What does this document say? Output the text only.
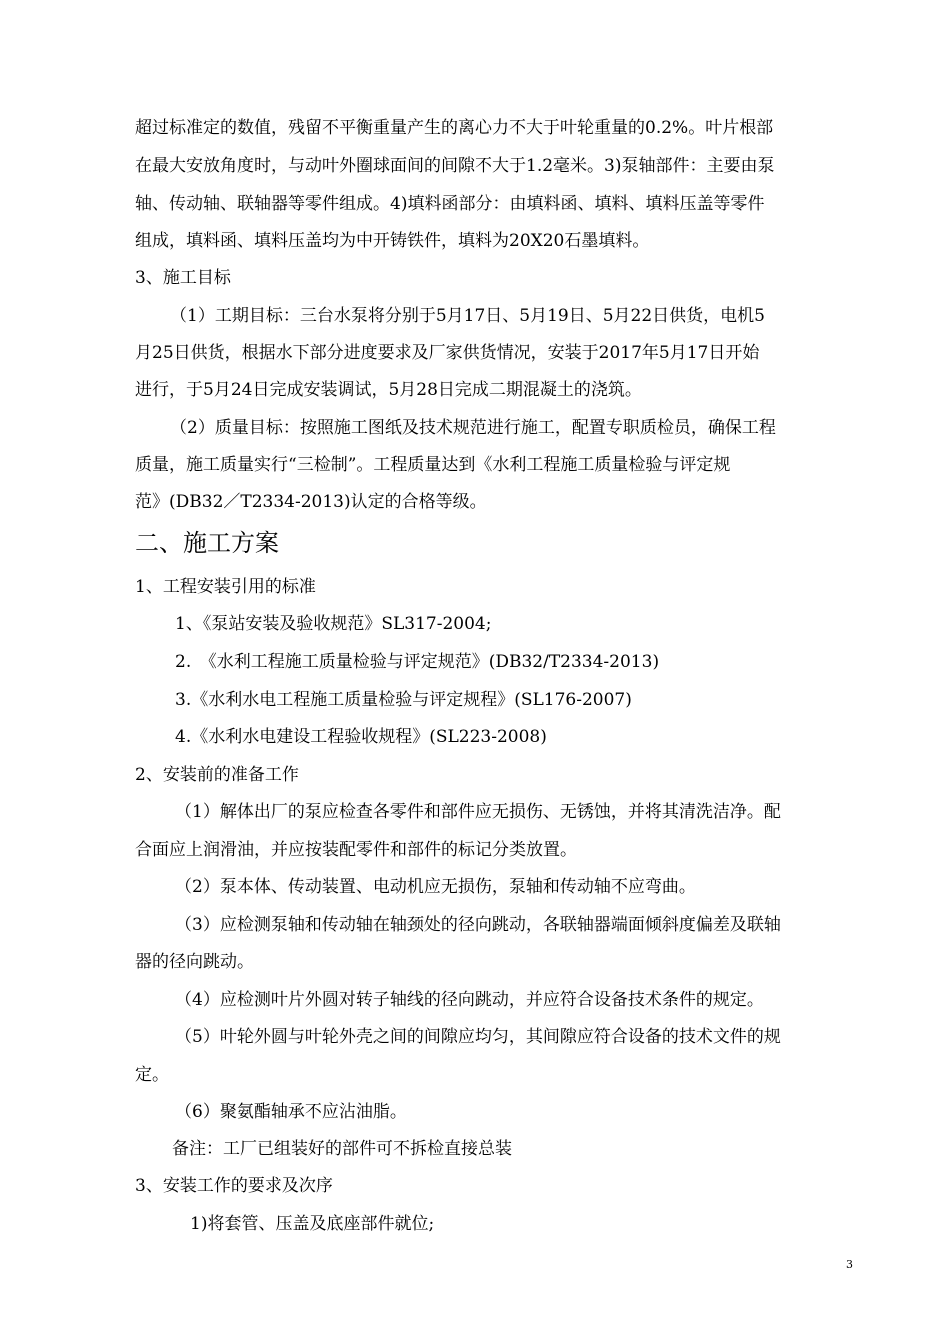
超过标准定的数值，残留不平衡重量产生的离心力不大于叶轮重量的0.2%。叶片根部
在最大安放角度时，与动叶外圈球面间的间隙不大于1.2毫米。3)泵轴部件：主要由泵
轴、传动轴、联轴器等零件组成。4)填料函部分：由填料函、填料、填料压盖等零件
组成，填料函、填料压盖均为中开铸铁件，填料为20X20石墨填料。
3、施工目标
（1）工期目标：三台水泵将分别于5月17日、5月19日、5月22日供货，电机5
月25日供货，根据水下部分进度要求及厂家供货情况，安装于2017年5月17日开始
进行，于5月24日完成安装调试，5月28日完成二期混凝土的浇筑。
（2）质量目标：按照施工图纸及技术规范进行施工，配置专职质检员，确保工程
质量，施工质量实行“三检制”。工程质量达到《水利工程施工质量检验与评定规
范》(DB32／T2334-2013)认定的合格等级。
二、施工方案
1、工程安装引用的标准
1、《泵站安装及验收规范》SL317-2004;
2.　《水利工程施工质量检验与评定规范》(DB32/T2334-2013)
3.《水利水电工程施工质量检验与评定规程》(SL176-2007)
4.《水利水电建设工程验收规程》(SL223-2008)
2、安装前的准备工作
（1）解体出厂的泵应检查各零件和部件应无损伤、无锈蚀，并将其清洗洁净。配
合面应上润滑油，并应按装配零件和部件的标记分类放置。
（2）泵本体、传动装置、电动机应无损伤，泵轴和传动轴不应弯曲。
（3）应检测泵轴和传动轴在轴颈处的径向跳动，各联轴器端面倾斜度偏差及联轴
器的径向跳动。
（4）应检测叶片外圆对转子轴线的径向跳动，并应符合设备技术条件的规定。
（5）叶轮外圆与叶轮外壳之间的间隙应均匀，其间隙应符合设备的技术文件的规
定。
（6）聚氨酯轴承不应沾油脂。
备注：工厂已组装好的部件可不拆检直接总装
3、安装工作的要求及次序
1)将套管、压盖及底座部件就位;
3
